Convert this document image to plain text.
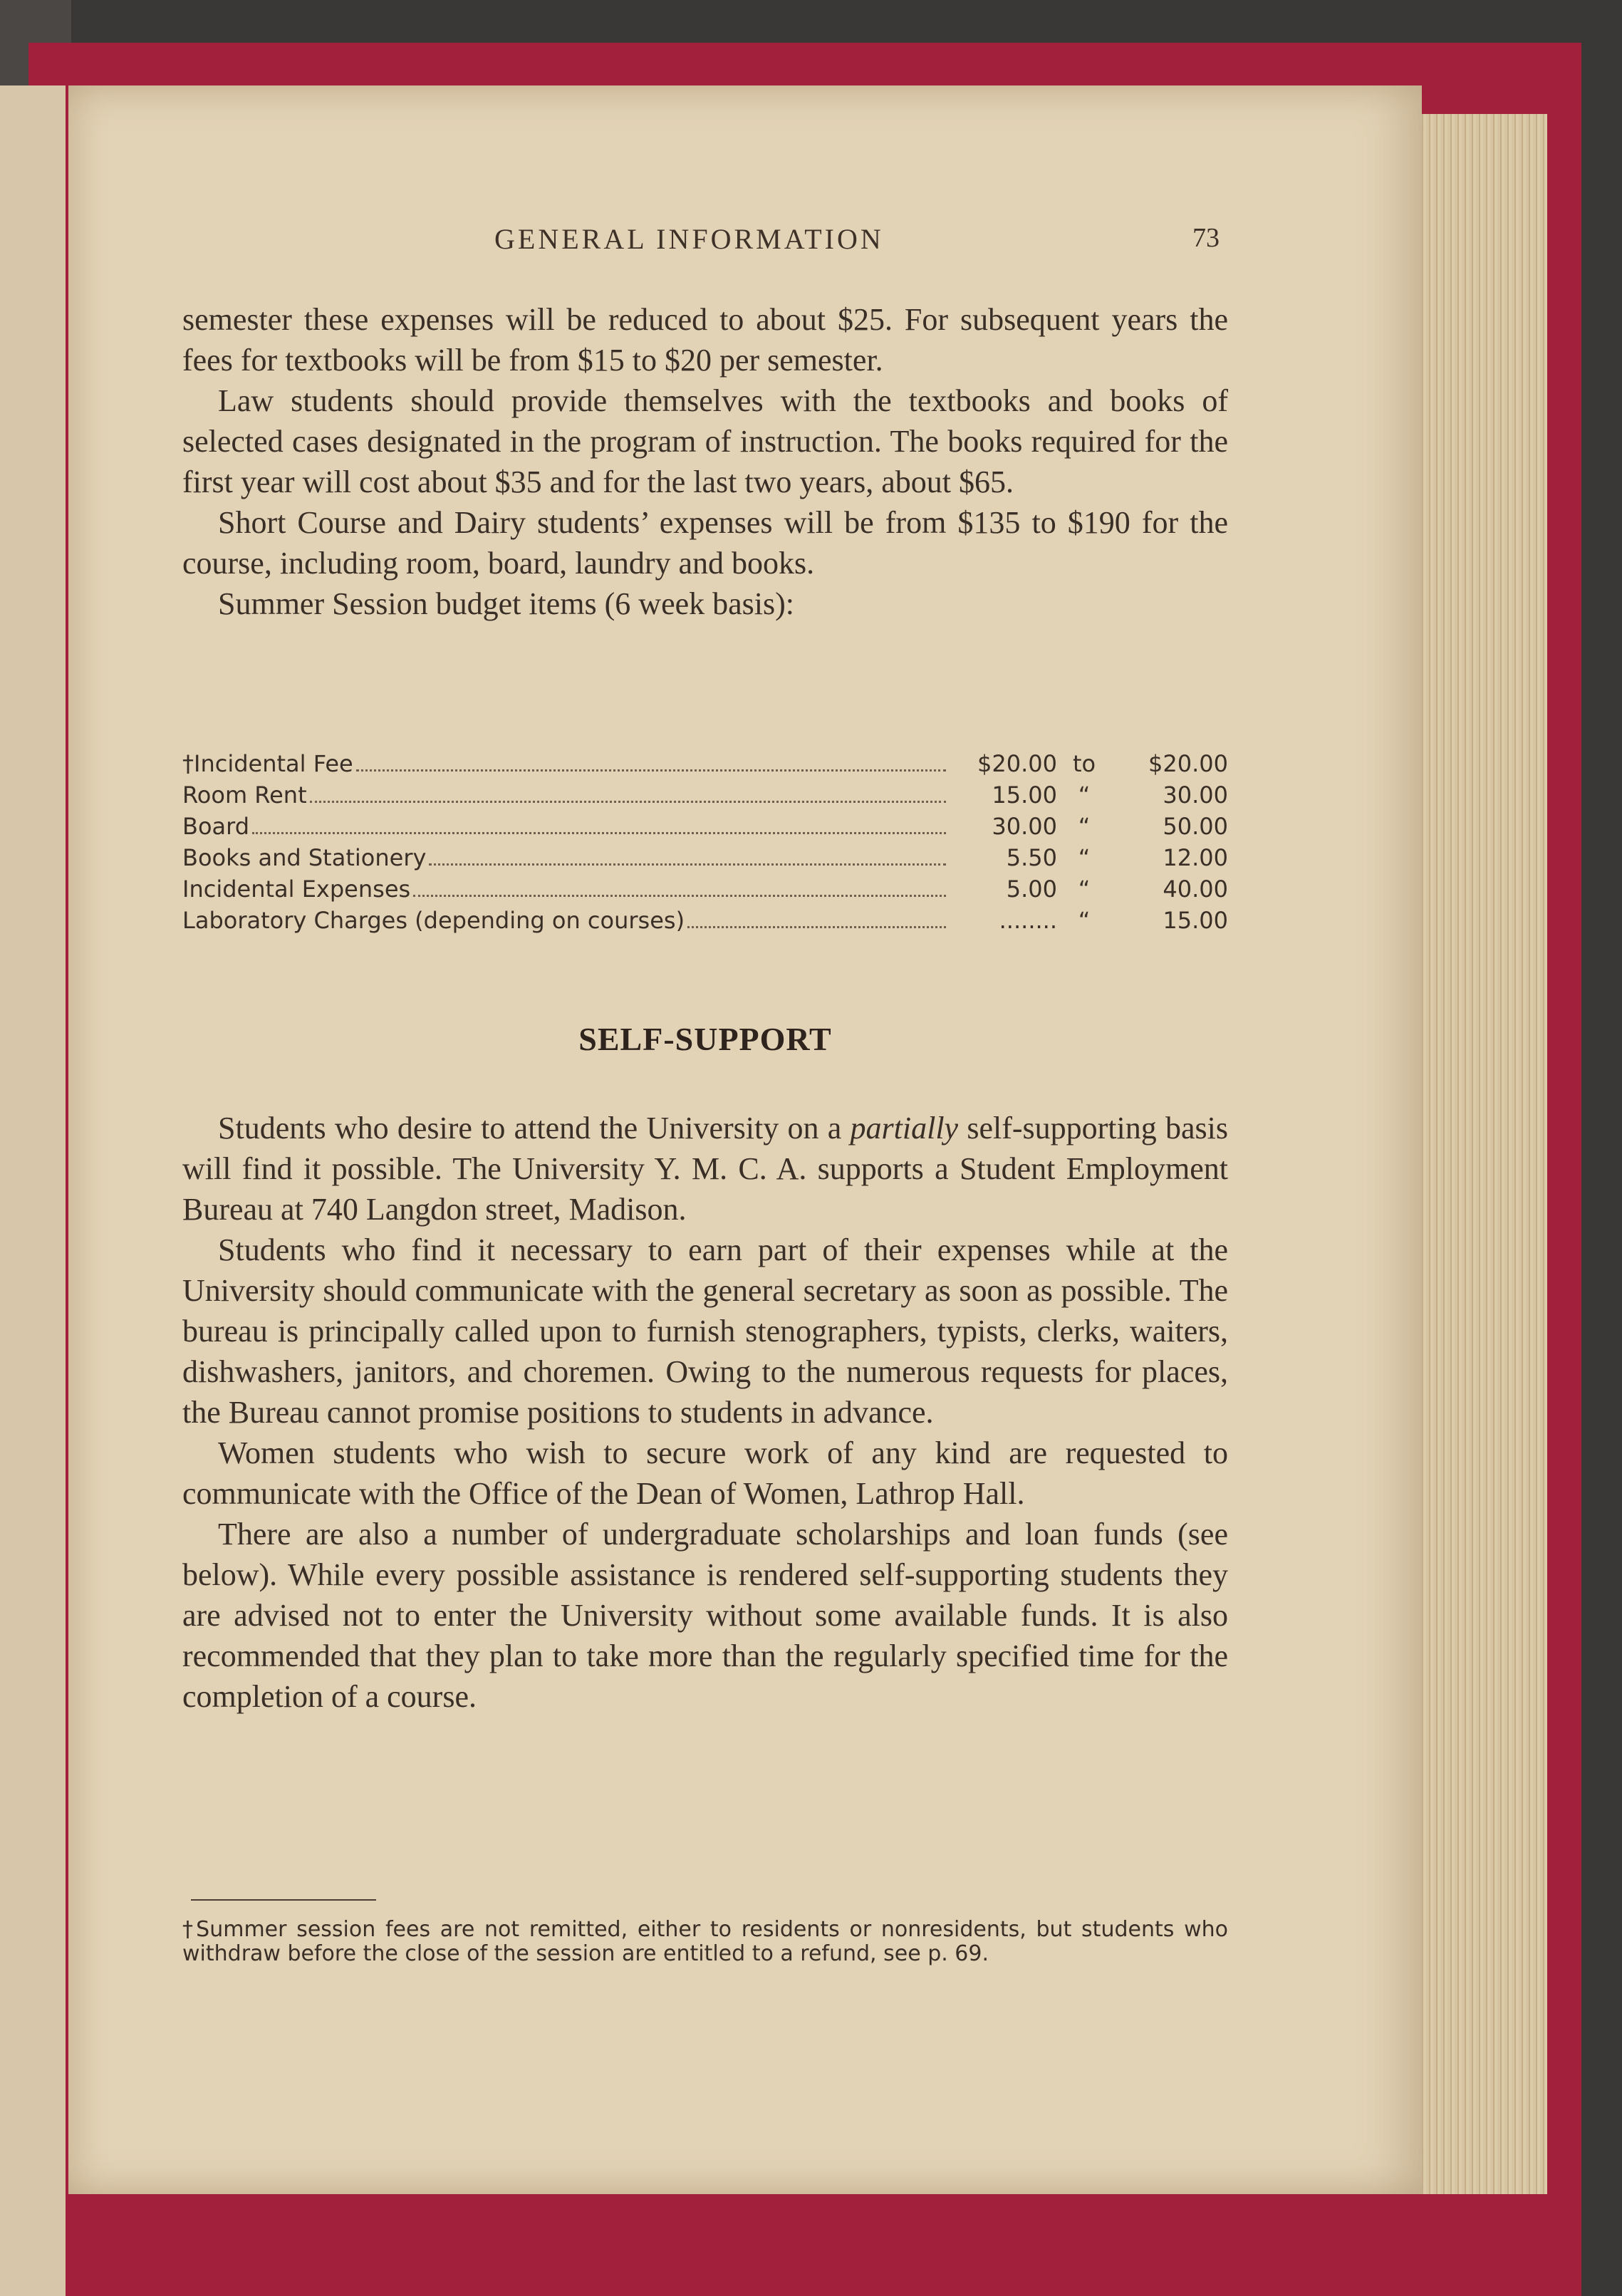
GENERAL INFORMATION	73

semester these expenses will be reduced to about $25. For subsequent years the fees for textbooks will be from $15 to $20 per semester.

Law students should provide themselves with the textbooks and books of selected cases designated in the program of instruction. The books required for the first year will cost about $35 and for the last two years, about $65.

Short Course and Dairy students’ expenses will be from $135 to $190 for the course, including room, board, laundry and books.

Summer Session budget items (6 week basis):

†Incidental Fee	$20.00 to	$20.00
Room Rent	15.00 “	30.00
Board	30.00 “	50.00
Books and Stationery	5.50 “	12.00
Incidental Expenses	5.00 “	40.00
Laboratory Charges (depending on courses)	........ “	15.00
SELF-SUPPORT

Students who desire to attend the University on a partially self-supporting basis will find it possible. The University Y. M. C. A. supports a Student Employment Bureau at 740 Langdon street, Madison.

Students who find it necessary to earn part of their expenses while at the University should communicate with the general secretary as soon as possible. The bureau is principally called upon to furnish stenographers, typists, clerks, waiters, dishwashers, janitors, and choremen. Owing to the numerous requests for places, the Bureau cannot promise positions to students in advance.

Women students who wish to secure work of any kind are requested to communicate with the Office of the Dean of Women, Lathrop Hall.

There are also a number of undergraduate scholarships and loan funds (see below). While every possible assistance is rendered self-supporting students they are advised not to enter the University without some available funds. It is also recommended that they plan to take more than the regularly specified time for the completion of a course.

†Summer session fees are not remitted, either to residents or nonresidents, but students who withdraw before the close of the session are entitled to a refund, see p. 69.
